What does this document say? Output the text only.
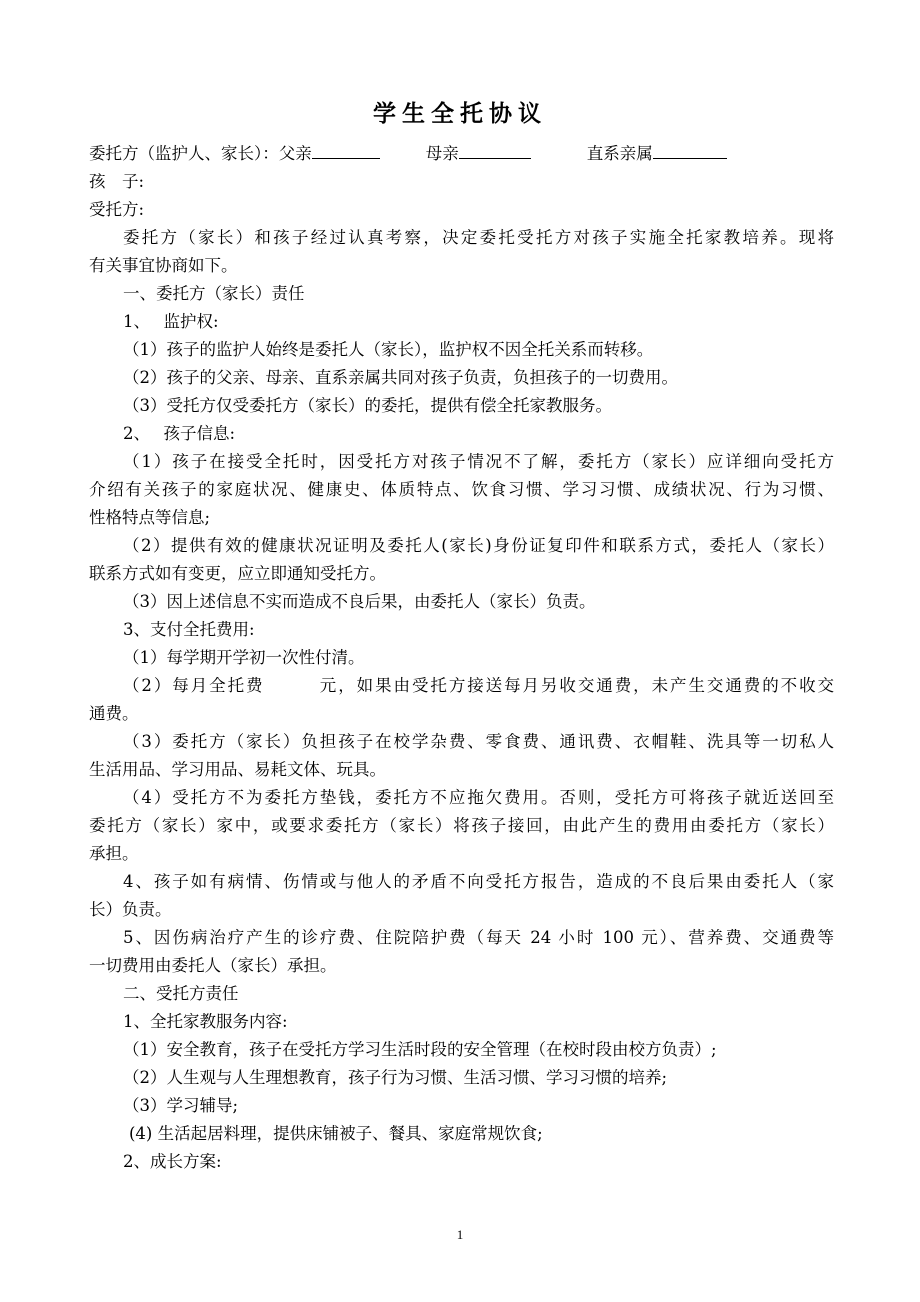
学生全托协议
委托方（监护人、家长）：父亲	母亲	直系亲属
孩　子:
受托方:
委托方（家长）和孩子经过认真考察，决定委托受托方对孩子实施全托家教培养。现将
有关事宜协商如下。
一、委托方（家长）责任
1、　 监护权:
（1）孩子的监护人始终是委托人（家长），监护权不因全托关系而转移。
（2）孩子的父亲、母亲、直系亲属共同对孩子负责，负担孩子的一切费用。
（3）受托方仅受委托方（家长）的委托，提供有偿全托家教服务。
2、　 孩子信息:
（1）孩子在接受全托时，因受托方对孩子情况不了解，委托方（家长）应详细向受托方
介绍有关孩子的家庭状况、健康史、体质特点、饮食习惯、学习习惯、成绩状况、行为习惯、
性格特点等信息;
（2）提供有效的健康状况证明及委托人(家长)身份证复印件和联系方式，委托人（家长）
联系方式如有变更，应立即通知受托方。
（3）因上述信息不实而造成不良后果，由委托人（家长）负责。
3、支付全托费用:
（1）每学期开学初一次性付清。
（2）每月全托费　　　元，如果由受托方接送每月另收交通费，未产生交通费的不收交
通费。
（3）委托方（家长）负担孩子在校学杂费、零食费、通讯费、衣帽鞋、洗具等一切私人
生活用品、学习用品、易耗文体、玩具。
（4）受托方不为委托方垫钱，委托方不应拖欠费用。否则，受托方可将孩子就近送回至
委托方（家长）家中，或要求委托方（家长）将孩子接回，由此产生的费用由委托方（家长）
承担。
4、孩子如有病情、伤情或与他人的矛盾不向受托方报告，造成的不良后果由委托人（家
长）负责。
5、因伤病治疗产生的诊疗费、住院陪护费（每天 24 小时 100 元）、营养费、交通费等
一切费用由委托人（家长）承担。
二、受托方责任
1、全托家教服务内容:
（1）安全教育，孩子在受托方学习生活时段的安全管理（在校时段由校方负责）;
（2）人生观与人生理想教育，孩子行为习惯、生活习惯、学习习惯的培养;
（3）学习辅导;
(4) 生活起居料理，提供床铺被子、餐具、家庭常规饮食;
2、成长方案:
1
